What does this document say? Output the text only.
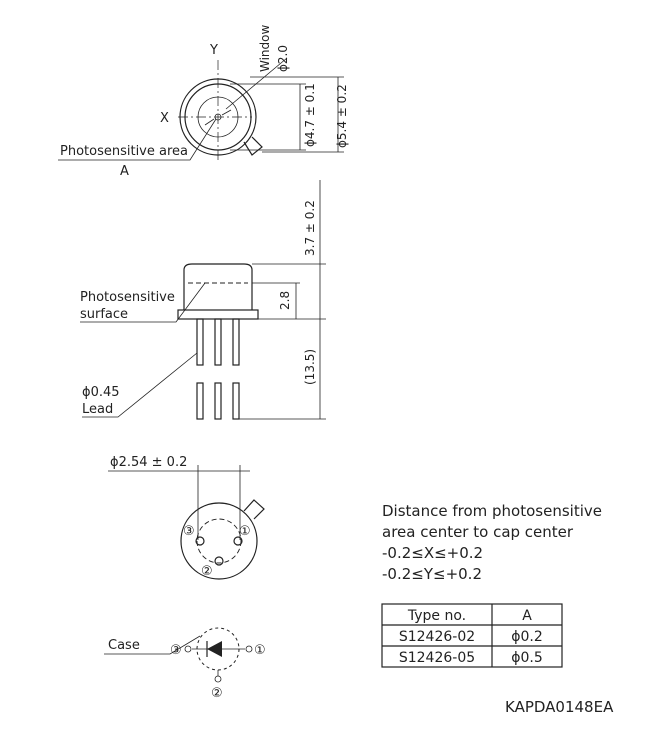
Y
X
Window ϕ2.0
Photosensitive area
A
ϕ4.7 ± 0.1 ϕ5.4 ± 0.2
3.7 ± 0.2
2.8
(13.5)
Photosensitive
surface
ϕ0.45
Lead
ϕ2.54 ± 0.2
①
③
②
Case ③	①
②
Distance from photosensitive
area center to cap center
-0.2≤X≤+0.2
-0.2≤Y≤+0.2
Type no.	A
S12426-02	ϕ0.2
S12426-05	ϕ0.5
KAPDA0148EA
